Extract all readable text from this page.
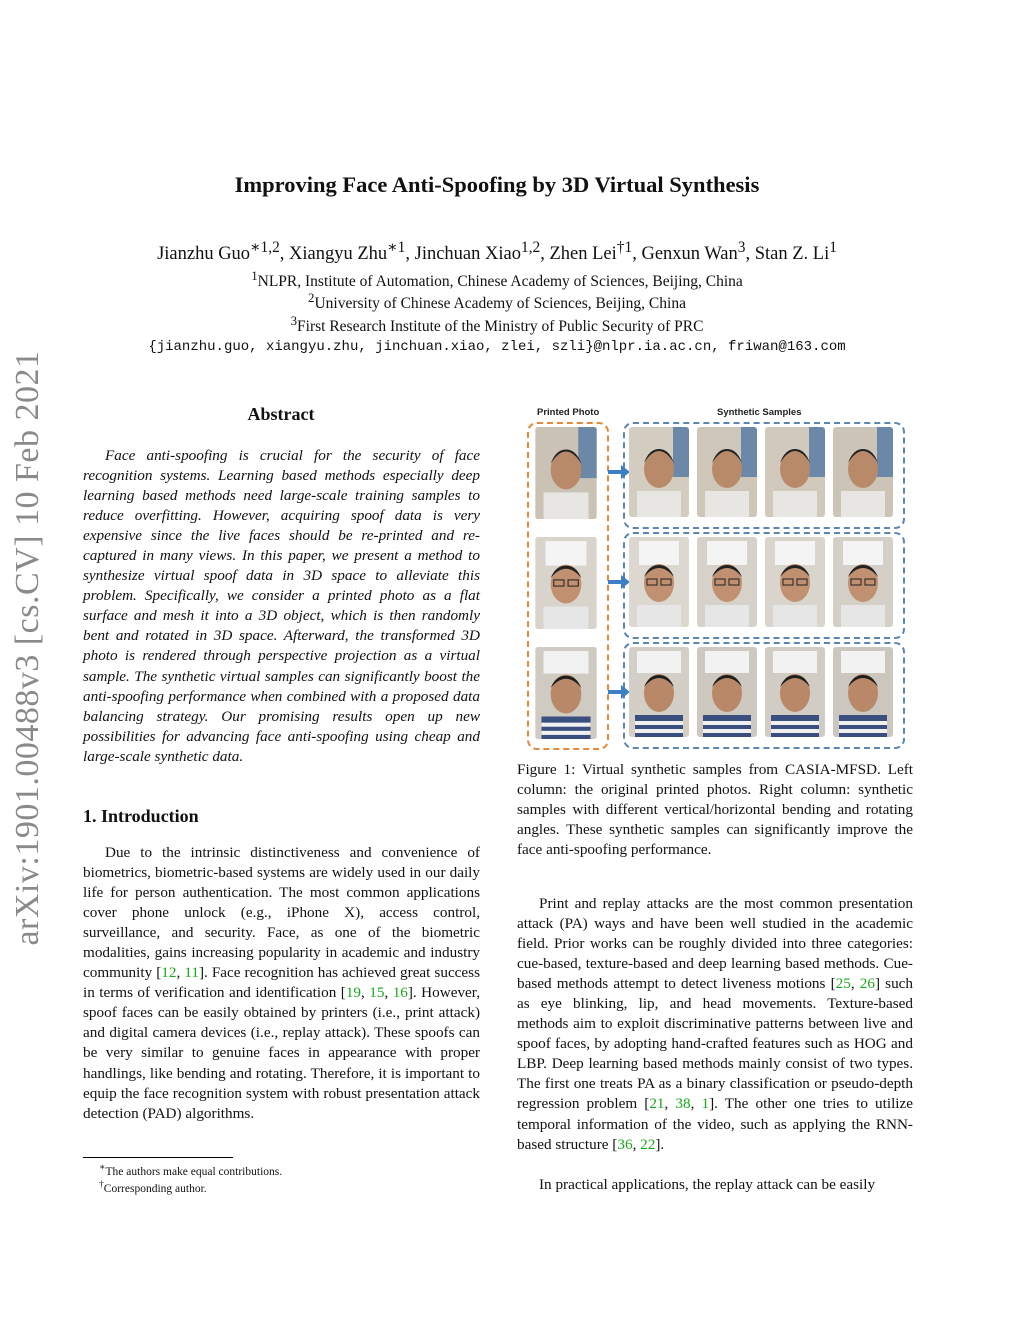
arXiv:1901.00488v3 [cs.CV] 10 Feb 2021
Improving Face Anti-Spoofing by 3D Virtual Synthesis
Jianzhu Guo$^{∗1,2}$, Xiangyu Zhu$^{∗1}$, Jinchuan Xiao$^{1,2}$, Zhen Lei$^{\dagger 1}$, Genxun Wan$^3$, Stan Z. Li$^1$
$^1$NLPR, Institute of Automation, Chinese Academy of Sciences, Beijing, China
$^2$University of Chinese Academy of Sciences, Beijing, China
$^3$First Research Institute of the Ministry of Public Security of PRC
{jianzhu.guo, xiangyu.zhu, jinchuan.xiao, zlei, szli}@nlpr.ia.ac.cn, friwan@163.com
Abstract
Face anti-spoofing is crucial for the security of face recognition systems. Learning based methods especially deep learning based methods need large-scale training samples to reduce overfitting. However, acquiring spoof data is very expensive since the live faces should be re-printed and re-captured in many views. In this paper, we present a method to synthesize virtual spoof data in 3D space to alleviate this problem. Specifically, we consider a printed photo as a flat surface and mesh it into a 3D object, which is then randomly bent and rotated in 3D space. Afterward, the transformed 3D photo is rendered through perspective projection as a virtual sample. The synthetic virtual samples can significantly boost the anti-spoofing performance when combined with a proposed data balancing strategy. Our promising results open up new possibilities for advancing face anti-spoofing using cheap and large-scale synthetic data.
1. Introduction
Due to the intrinsic distinctiveness and convenience of biometrics, biometric-based systems are widely used in our daily life for person authentication. The most common applications cover phone unlock (e.g., iPhone X), access control, surveillance, and security. Face, as one of the biometric modalities, gains increasing popularity in academic and industry community [12, 11]. Face recognition has achieved great success in terms of verification and identification [19, 15, 16]. However, spoof faces can be easily obtained by printers (i.e., print attack) and digital camera devices (i.e., replay attack). These spoofs can be very similar to genuine faces in appearance with proper handlings, like bending and rotating. Therefore, it is important to equip the face recognition system with robust presentation attack detection (PAD) algorithms.
∗The authors make equal contributions.
†Corresponding author.
Printed Photo	Synthetic Samples
Figure 1: Virtual synthetic samples from CASIA-MFSD. Left column: the original printed photos. Right column: synthetic samples with different vertical/horizontal bending and rotating angles. These synthetic samples can significantly improve the face anti-spoofing performance.
Print and replay attacks are the most common presentation attack (PA) ways and have been well studied in the academic field. Prior works can be roughly divided into three categories: cue-based, texture-based and deep learning based methods. Cue-based methods attempt to detect liveness motions [25, 26] such as eye blinking, lip, and head movements. Texture-based methods aim to exploit discriminative patterns between live and spoof faces, by adopting hand-crafted features such as HOG and LBP. Deep learning based methods mainly consist of two types. The first one treats PA as a binary classification or pseudo-depth regression problem [21, 38, 1]. The other one tries to utilize temporal information of the video, such as applying the RNN-based structure [36, 22].
In practical applications, the replay attack can be easily
